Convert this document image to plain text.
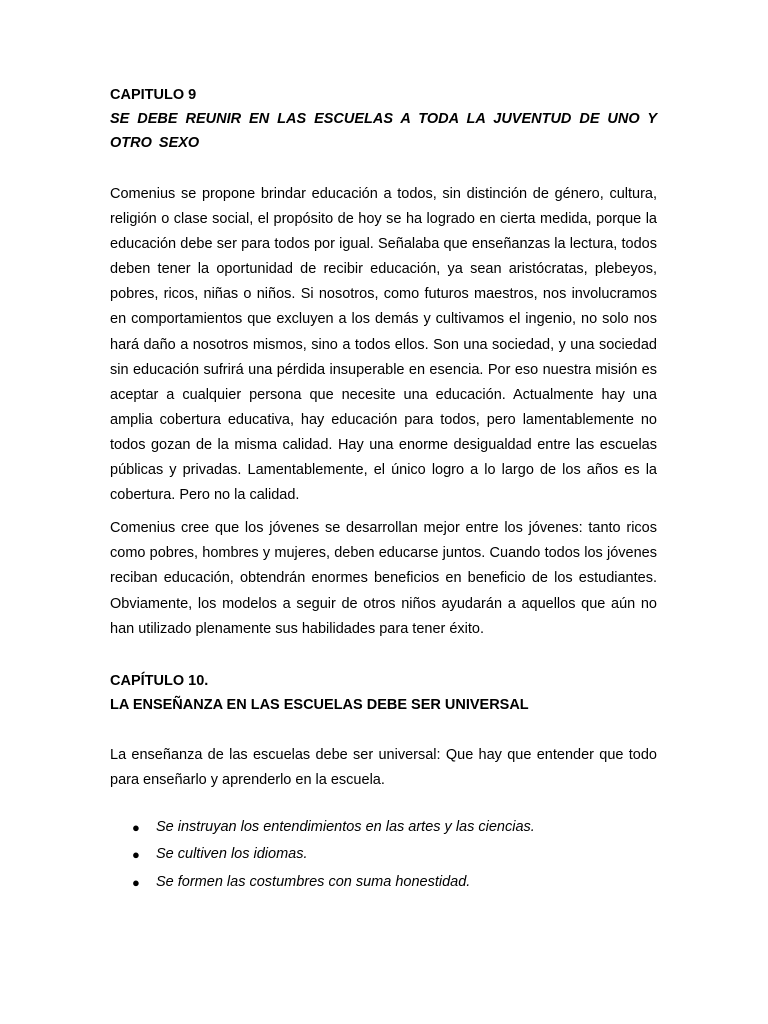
CAPITULO 9

SE DEBE REUNIR EN LAS ESCUELAS A TODA LA JUVENTUD DE UNO Y OTRO SEXO

Comenius se propone brindar educación a todos, sin distinción de género, cultura, religión o clase social, el propósito de hoy se ha logrado en cierta medida, porque la educación debe ser para todos por igual. Señalaba que enseñanzas la lectura, todos deben tener la oportunidad de recibir educación, ya sean aristócratas, plebeyos, pobres, ricos, niñas o niños. Si nosotros, como futuros maestros, nos involucramos en comportamientos que excluyen a los demás y cultivamos el ingenio, no solo nos hará daño a nosotros mismos, sino a todos ellos. Son una sociedad, y una sociedad sin educación sufrirá una pérdida insuperable en esencia. Por eso nuestra misión es aceptar a cualquier persona que necesite una educación. Actualmente hay una amplia cobertura educativa, hay educación para todos, pero lamentablemente no todos gozan de la misma calidad. Hay una enorme desigualdad entre las escuelas públicas y privadas. Lamentablemente, el único logro a lo largo de los años es la cobertura. Pero no la calidad.

Comenius cree que los jóvenes se desarrollan mejor entre los jóvenes: tanto ricos como pobres, hombres y mujeres, deben educarse juntos. Cuando todos los jóvenes reciban educación, obtendrán enormes beneficios en beneficio de los estudiantes. Obviamente, los modelos a seguir de otros niños ayudarán a aquellos que aún no han utilizado plenamente sus habilidades para tener éxito.

CAPÍTULO 10.

LA ENSEÑANZA EN LAS ESCUELAS DEBE SER UNIVERSAL

La enseñanza de las escuelas debe ser universal: Que hay que entender que todo para enseñarlo y aprenderlo en la escuela.

● Se instruyan los entendimientos en las artes y las ciencias.
● Se cultiven los idiomas.
● Se formen las costumbres con suma honestidad.
